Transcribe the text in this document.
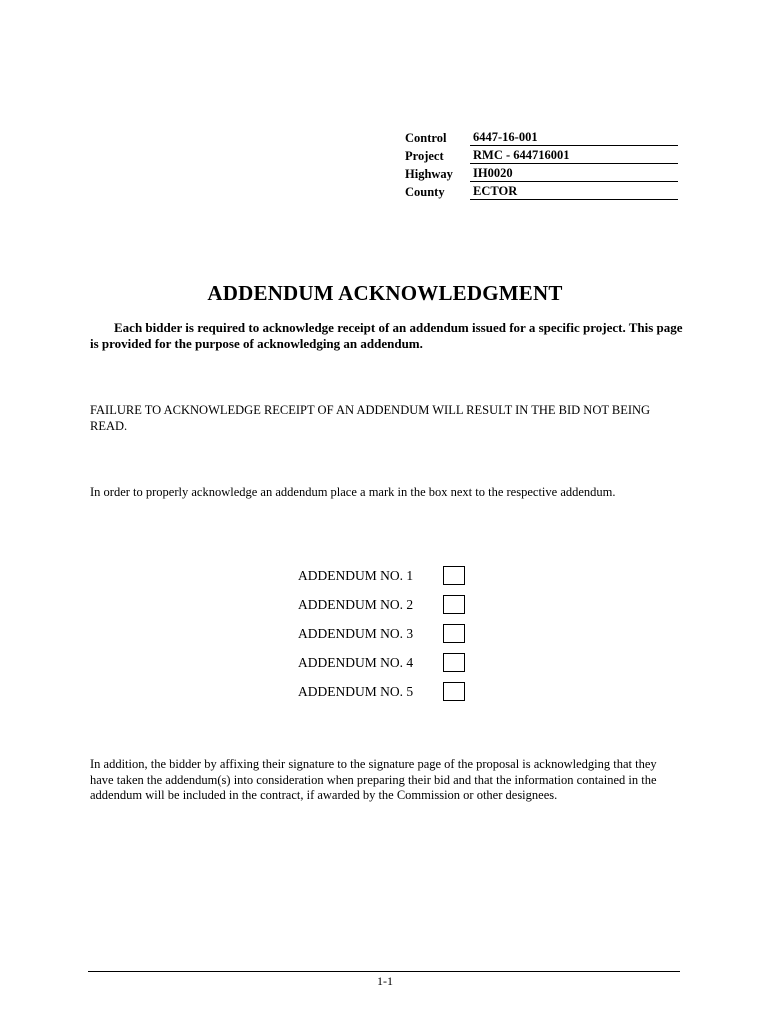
Control	6447-16-001
Project	RMC - 644716001
Highway	IH0020
County	ECTOR
ADDENDUM ACKNOWLEDGMENT

Each bidder is required to acknowledge receipt of an addendum issued for a specific project. This page is provided for the purpose of acknowledging an addendum.

FAILURE TO ACKNOWLEDGE RECEIPT OF AN ADDENDUM WILL RESULT IN THE BID NOT BEING READ.

In order to properly acknowledge an addendum place a mark in the box next to the respective addendum.

ADDENDUM NO. 1
ADDENDUM NO. 2
ADDENDUM NO. 3
ADDENDUM NO. 4
ADDENDUM NO. 5

In addition, the bidder by affixing their signature to the signature page of the proposal is acknowledging that they have taken the addendum(s) into consideration when preparing their bid and that the information contained in the addendum will be included in the contract, if awarded by the Commission or other designees.

1-1
